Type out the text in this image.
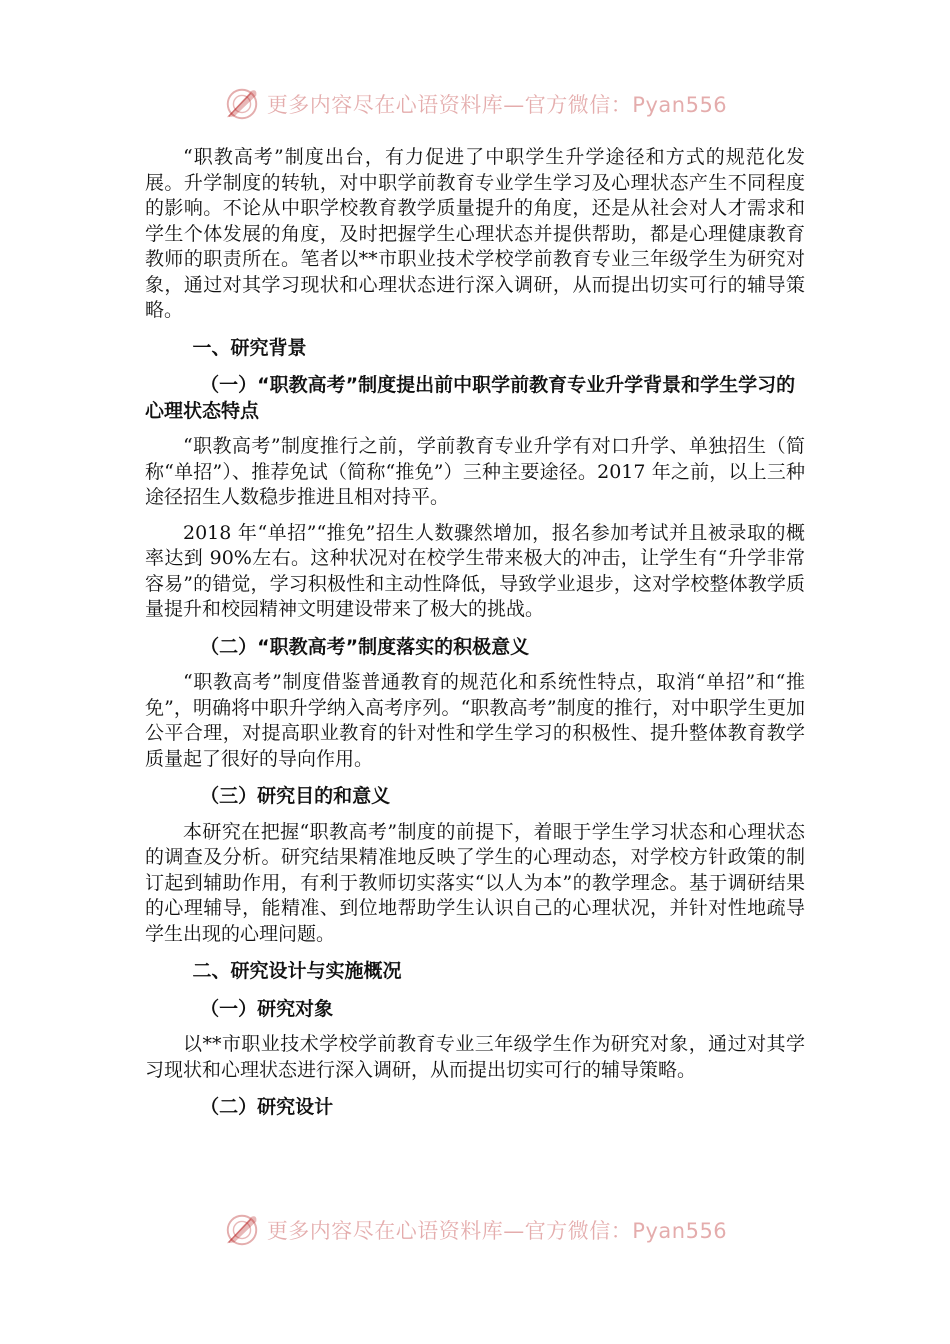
更多内容尽在心语资料库—官方微信：Pyan556

“职教高考”制度出台，有力促进了中职学生升学途径和方式的规范化发展。升学制度的转轨，对中职学前教育专业学生学习及心理状态产生不同程度的影响。不论从中职学校教育教学质量提升的角度，还是从社会对人才需求和学生个体发展的角度，及时把握学生心理状态并提供帮助，都是心理健康教育教师的职责所在。笔者以**市职业技术学校学前教育专业三年级学生为研究对象，通过对其学习现状和心理状态进行深入调研，从而提出切实可行的辅导策略。

一、研究背景

（一）“职教高考”制度提出前中职学前教育专业升学背景和学生学习的心理状态特点

“职教高考”制度推行之前，学前教育专业升学有对口升学、单独招生（简称“单招”）、推荐免试（简称“推免”）三种主要途径。2017 年之前，以上三种途径招生人数稳步推进且相对持平。

2018 年“单招”“推免”招生人数骤然增加，报名参加考试并且被录取的概率达到 90%左右。这种状况对在校学生带来极大的冲击，让学生有“升学非常容易”的错觉，学习积极性和主动性降低，导致学业退步，这对学校整体教学质量提升和校园精神文明建设带来了极大的挑战。

（二）“职教高考”制度落实的积极意义

“职教高考”制度借鉴普通教育的规范化和系统性特点，取消“单招”和“推免”，明确将中职升学纳入高考序列。“职教高考”制度的推行，对中职学生更加公平合理，对提高职业教育的针对性和学生学习的积极性、提升整体教育教学质量起了很好的导向作用。

（三）研究目的和意义

本研究在把握“职教高考”制度的前提下，着眼于学生学习状态和心理状态的调查及分析。研究结果精准地反映了学生的心理动态，对学校方针政策的制订起到辅助作用，有利于教师切实落实“以人为本”的教学理念。基于调研结果的心理辅导，能精准、到位地帮助学生认识自己的心理状况，并针对性地疏导学生出现的心理问题。

二、研究设计与实施概况

（一）研究对象

以**市职业技术学校学前教育专业三年级学生作为研究对象，通过对其学习现状和心理状态进行深入调研，从而提出切实可行的辅导策略。

（二）研究设计

更多内容尽在心语资料库—官方微信：Pyan556
